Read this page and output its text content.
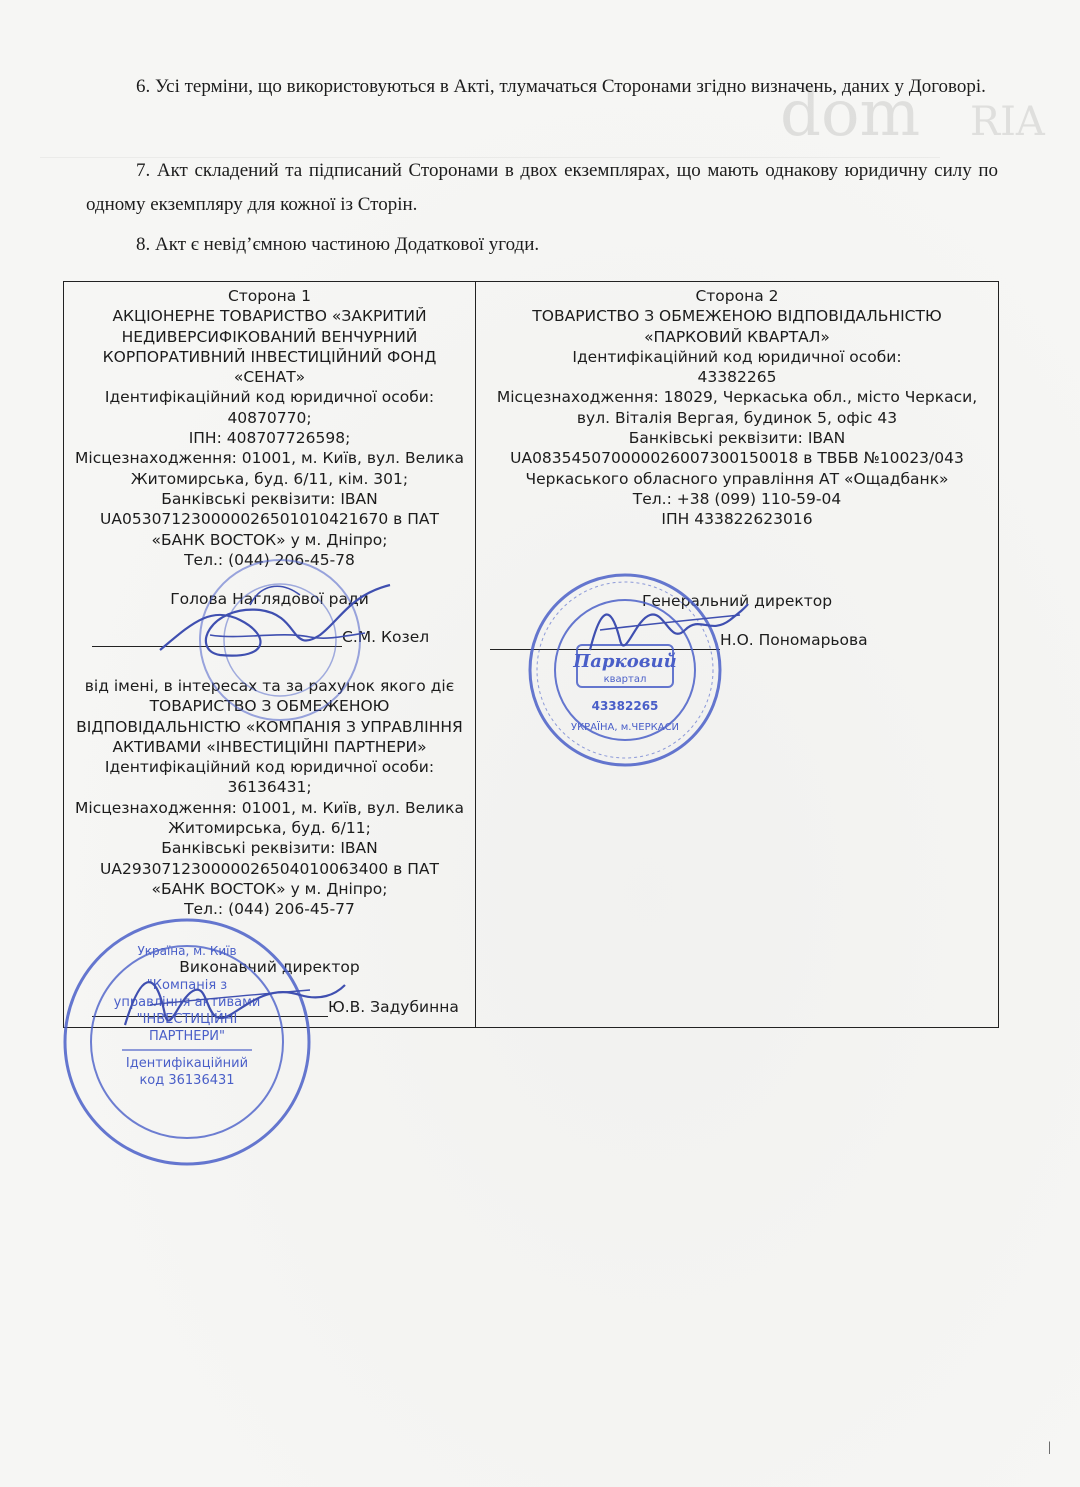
dom RIA
6. Усі терміни, що використовуються в Акті, тлумачаться Сторонами згідно визначень, даних у Договорі.
7. Акт складений та підписаний Сторонами в двох екземплярах, що мають однакову юридичну силу по одному екземпляру для кожної із Сторін.
8. Акт є невід’ємною частиною Додаткової угоди.

Сторона 1

АКЦІОНЕРНЕ ТОВАРИСТВО «ЗАКРИТИЙ НЕДИВЕРСИФІКОВАНИЙ ВЕНЧУРНИЙ КОРПОРАТИВНИЙ ІНВЕСТИЦІЙНИЙ ФОНД «СЕНАТ»

Ідентифікаційний код юридичної особи: 40870770;

ІПН: 408707726598;

Місцезнаходження: 01001, м. Київ, вул. Велика Житомирська, буд. 6/11, кім. 301;

Банківські реквізити: IBAN

UA053071230000026501010421670 в ПАТ «БАНК ВОСТОК» у м. Дніпро;

Тел.: (044) 206-45-78

Голова Наглядової ради

С.М. Козел

від імені, в інтересах та за рахунок якого діє

ТОВАРИСТВО З ОБМЕЖЕНОЮ ВІДПОВІДАЛЬНІСТЮ «КОМПАНІЯ З УПРАВЛІННЯ АКТИВАМИ «ІНВЕСТИЦІЙНІ ПАРТНЕРИ»

Ідентифікаційний код юридичної особи: 36136431;

Місцезнаходження: 01001, м. Київ, вул. Велика Житомирська, буд. 6/11;

Банківські реквізити: IBAN

UA293071230000026504010063400 в ПАТ «БАНК ВОСТОК» у м. Дніпро;

Тел.: (044) 206-45-77

Виконавчий директор

Ю.В. Задубинна

Сторона 2

ТОВАРИСТВО З ОБМЕЖЕНОЮ ВІДПОВІДАЛЬНІСТЮ «ПАРКОВИЙ КВАРТАЛ»

Ідентифікаційний код юридичної особи:

43382265

Місцезнаходження: 18029, Черкаська обл., місто Черкаси, вул. Віталія Вергая, будинок 5, офіс 43

Банківські реквізити: IBAN

UA083545070000026007300150018 в ТВБВ №10023/043 Черкаського обласного управління АТ «Ощадбанк»

Тел.: +38 (099) 110-59-04

ІПН 433822623016

Генеральний директор

Н.О. Пономарьова
Парковий
квартал
43382265
УКРАЇНА, м.ЧЕРКАСИ
Україна, м. Київ
"Компанія з
управління активами
"ІНВЕСТИЦІЙНІ
ПАРТНЕРИ"
Ідентифікаційний
код 36136431
|
